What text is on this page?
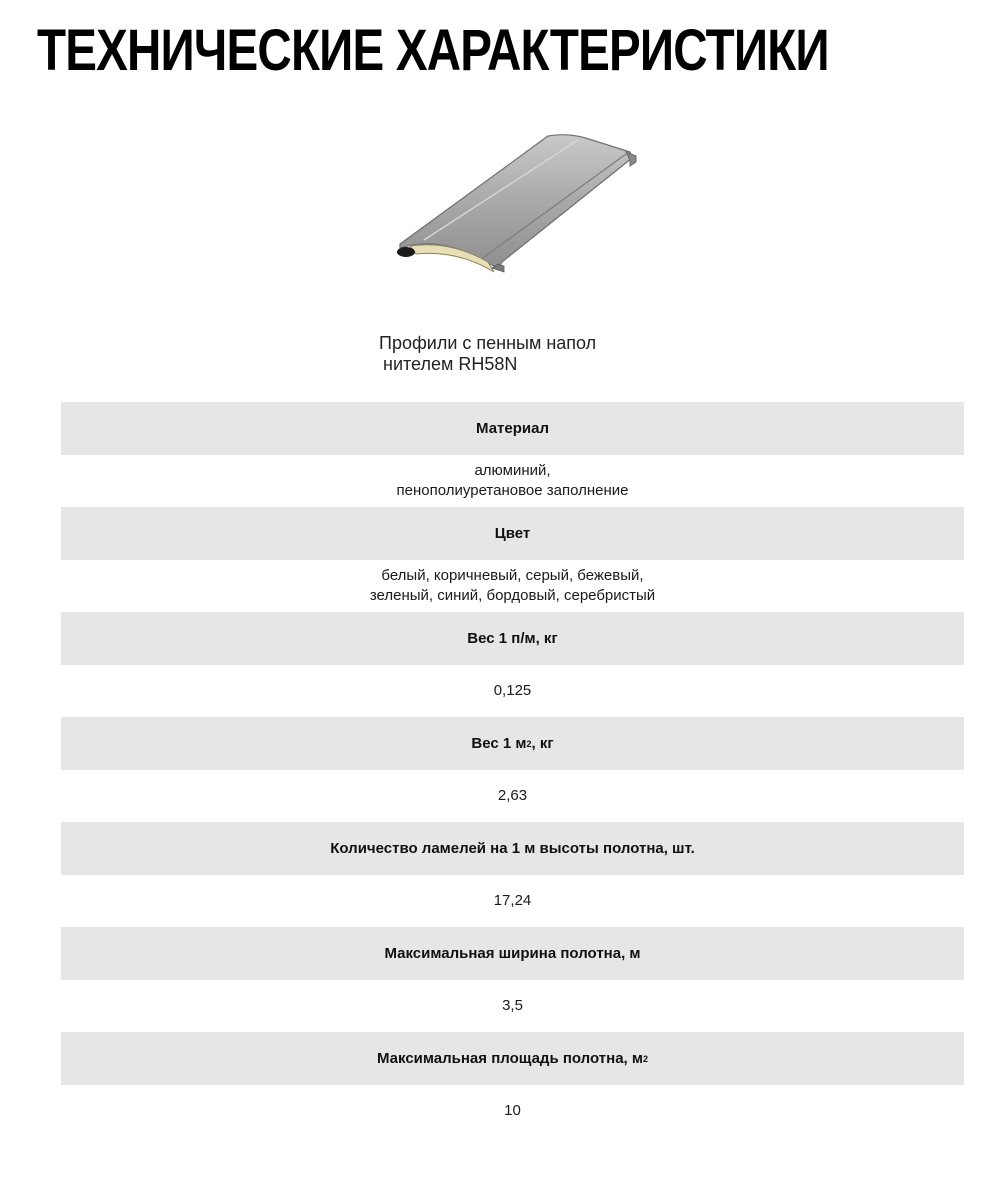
ТЕХНИЧЕСКИЕ ХАРАКТЕРИСТИКИ
Профили с пенным напол
нителем RH58N
Материал
алюминий,
пенополиуретановое заполнение
Цвет
белый, коричневый, серый, бежевый,
зеленый, синий, бордовый, серебристый
Вес 1 п/м, кг
0,125
Вес 1 м 2 , кг
2,63
Количество ламелей на 1 м высоты полотна, шт.
17,24
Максимальная ширина полотна, м
3,5
Максимальная площадь полотна, м 2
10
